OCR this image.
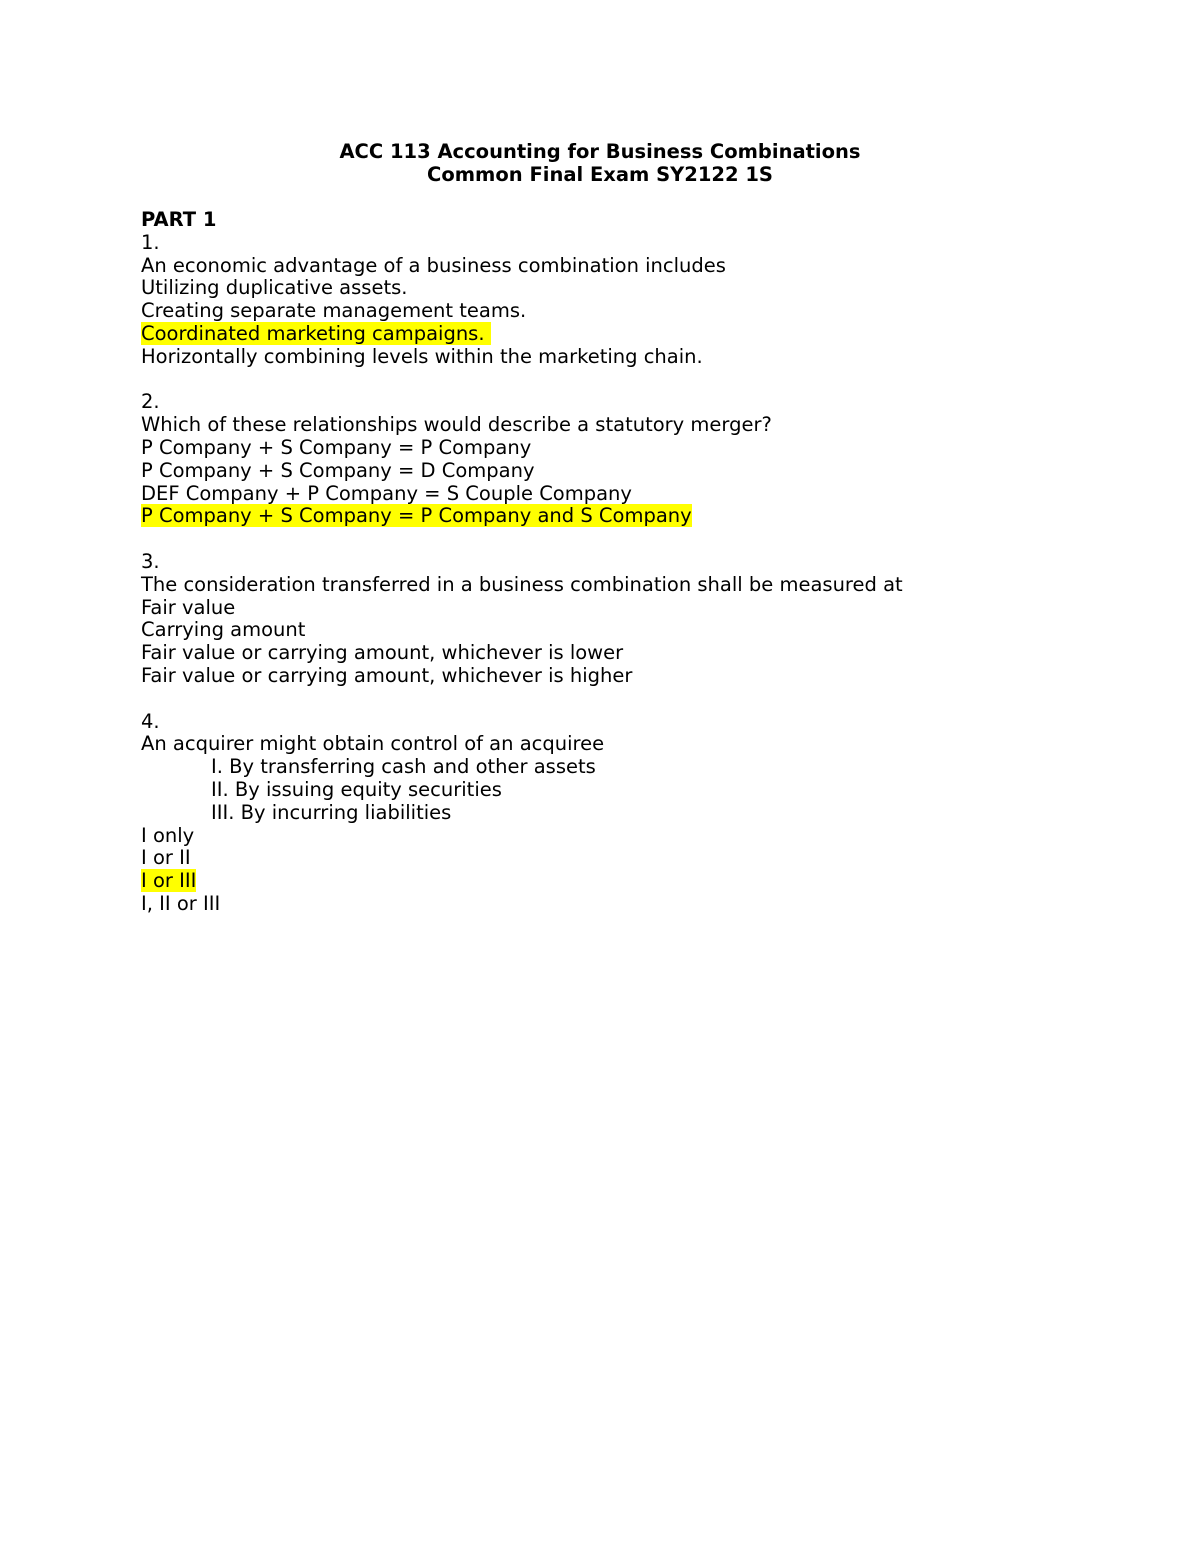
ACC 113 Accounting for Business Combinations
Common Final Exam SY2122 1S
PART 1
1.
An economic advantage of a business combination includes
Utilizing duplicative assets.
Creating separate management teams.
Coordinated marketing campaigns.
Horizontally combining levels within the marketing chain.
2.
Which of these relationships would describe a statutory merger?
P Company + S Company = P Company
P Company + S Company = D Company
DEF Company + P Company = S Couple Company
P Company + S Company = P Company and S Company
3.
The consideration transferred in a business combination shall be measured at
Fair value
Carrying amount
Fair value or carrying amount, whichever is lower
Fair value or carrying amount, whichever is higher
4.
An acquirer might obtain control of an acquiree
I. By transferring cash and other assets
II. By issuing equity securities
III. By incurring liabilities
I only
I or II
I or III
I, II or III
